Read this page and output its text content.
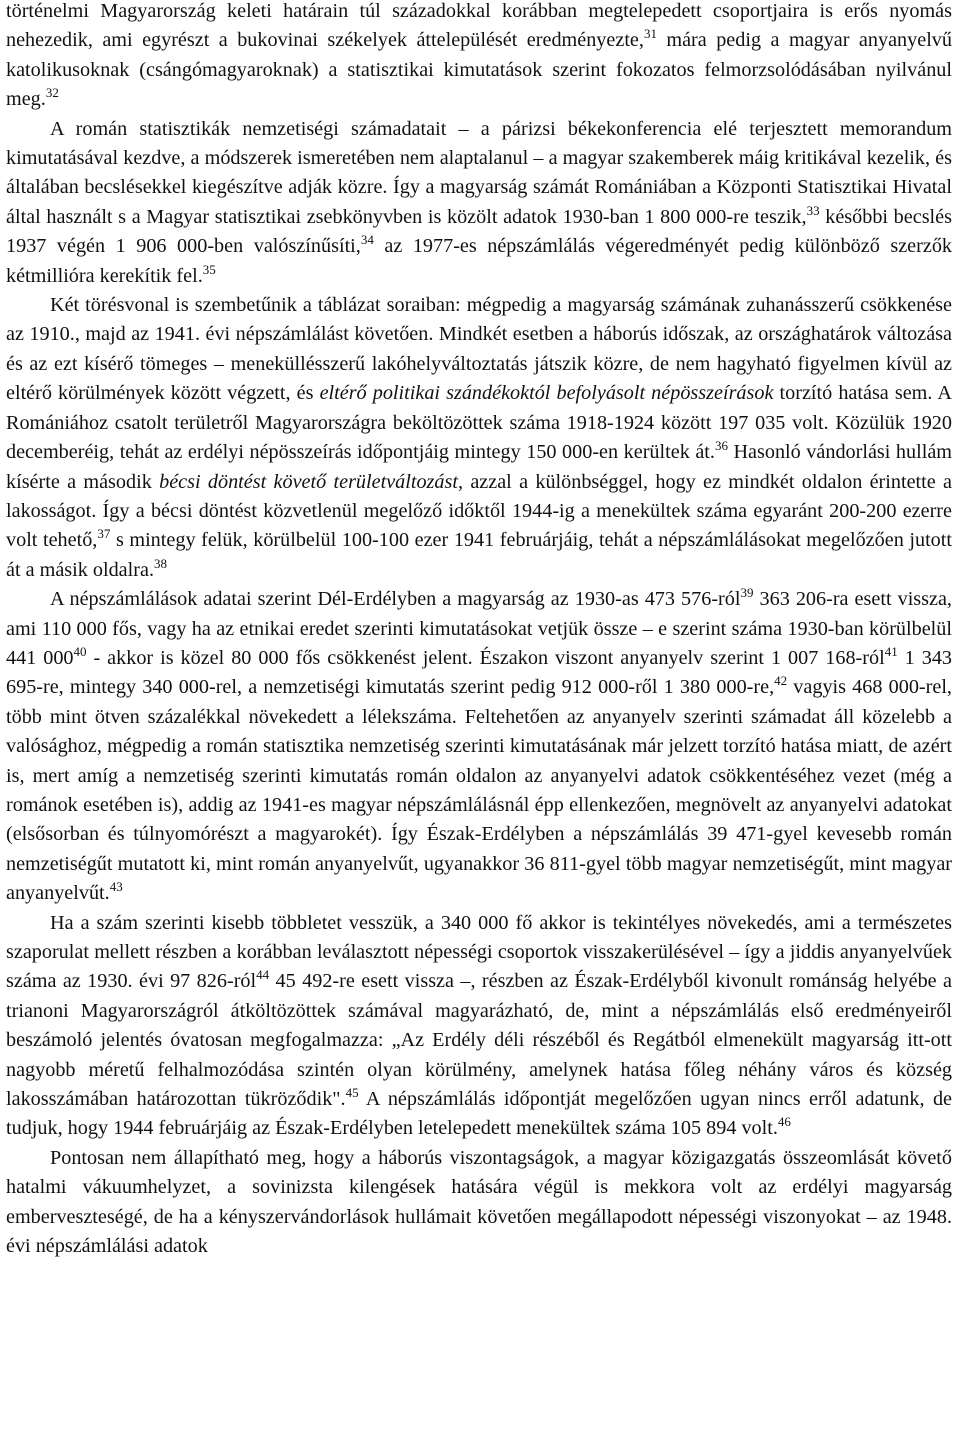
történelmi Magyarország keleti határain túl századokkal korábban megtelepedett csoportjaira is erős nyomás nehezedik, ami egyrészt a bukovinai székelyek áttelepülését eredményezte,$^{31}$ mára pedig a magyar anyanyelvű katolikusoknak (csángómagyaroknak) a statisztikai kimutatások szerint fokozatos felmorzsolódásában nyilvánul meg.$^{32}$

A román statisztikák nemzetiségi számadatait – a párizsi békekonferencia elé terjesztett memorandum kimutatásával kezdve, a módszerek ismeretében nem alaptalanul – a magyar szakemberek máig kritikával kezelik, és általában becslésekkel kiegészítve adják közre. Így a magyarság számát Romániában a Központi Statisztikai Hivatal által használt s a Magyar statisztikai zsebkönyvben is közölt adatok 1930-ban 1 800 000-re teszik,$^{33}$ későbbi becslés 1937 végén 1 906 000-ben valószínűsíti,$^{34}$ az 1977-es népszámlálás végeredményét pedig különböző szerzők kétmillióra kerekítik fel.$^{35}$

Két törésvonal is szembetűnik a táblázat soraiban: mégpedig a magyarság számának zuhanásszerű csökkenése az 1910., majd az 1941. évi népszámlálást követően. Mindkét esetben a háborús időszak, az országhatárok változása és az ezt kísérő tömeges – meneküllésszerű lakóhelyváltoztatás játszik közre, de nem hagyható figyelmen kívül az eltérő körülmények között végzett, és eltérő politikai szándékoktól befolyásolt népösszeírások torzító hatása sem. A Romániához csatolt területről Magyarországra beköltözöttek száma 1918-1924 között 197 035 volt. Közülük 1920 decemberéig, tehát az erdélyi népösszeírás időpontjáig mintegy 150 000-en kerültek át.$^{36}$ Hasonló vándorlási hullám kísérte a második bécsi döntést követő területváltozást, azzal a különbséggel, hogy ez mindkét oldalon érintette a lakosságot. Így a bécsi döntést közvetlenül megelőző időktől 1944-ig a menekültek száma egyaránt 200-200 ezerre volt tehető,$^{37}$ s mintegy felük, körülbelül 100-100 ezer 1941 februárjáig, tehát a népszámlálásokat megelőzően jutott át a másik oldalra.$^{38}$

A népszámlálások adatai szerint Dél-Erdélyben a magyarság az 1930-as 473 576-ról$^{39}$ 363 206-ra esett vissza, ami 110 000 fős, vagy ha az etnikai eredet szerinti kimutatásokat vetjük össze – e szerint száma 1930-ban körülbelül 441 $000^{40}$ - akkor is közel 80 000 fős csökkenést jelent. Északon viszont anyanyelv szerint 1 007 168-ról$^{41}$ 1 343 695-re, mintegy 340 000-rel, a nemzetiségi kimutatás szerint pedig 912 000-ről 1 380 000-re,$^{42}$ vagyis 468 000-rel, több mint ötven százalékkal növekedett a lélekszáma. Feltehetően az anyanyelv szerinti számadat áll közelebb a valósághoz, mégpedig a román statisztika nemzetiség szerinti kimutatásának már jelzett torzító hatása miatt, de azért is, mert amíg a nemzetiség szerinti kimutatás román oldalon az anyanyelvi adatok csökkentéséhez vezet (még a románok esetében is), addig az 1941-es magyar népszámlálásnál épp ellenkezően, megnövelt az anyanyelvi adatokat (elsősorban és túlnyomórészt a magyarokét). Így Észak-Erdélyben a népszámlálás 39 471-gyel kevesebb román nemzetiségűt mutatott ki, mint román anyanyelvűt, ugyanakkor 36 811-gyel több magyar nemzetiségűt, mint magyar anyanyelvűt.$^{43}$

Ha a szám szerinti kisebb többletet vesszük, a 340 000 fő akkor is tekintélyes növekedés, ami a természetes szaporulat mellett részben a korábban leválasztott népességi csoportok visszakerülésével – így a jiddis anyanyelvűek száma az 1930. évi 97 826-ról$^{44}$ 45 492-re esett vissza –, részben az Észak-Erdélyből kivonult románság helyébe a trianoni Magyarországról átköltözöttek számával magyarázható, de, mint a népszámlálás első eredményeiről beszámoló jelentés óvatosan megfogalmazza: „Az Erdély déli részéből és Regátból elmenekült magyarság itt-ott nagyobb méretű felhalmozódása szintén olyan körülmény, amelynek hatása főleg néhány város és község lakosszámában határozottan tükröződik".$^{45}$ A népszámlálás időpontját megelőzően ugyan nincs erről adatunk, de tudjuk, hogy 1944 februárjáig az Észak-Erdélyben letelepedett menekültek száma 105 894 volt.$^{46}$

Pontosan nem állapítható meg, hogy a háborús viszontagságok, a magyar közigazgatás összeomlását követő hatalmi vákuumhelyzet, a sovinizsta kilengések hatására végül is mekkora volt az erdélyi magyarság emberveszteségé, de ha a kényszervándorlások hullámait követően megállapodott népességi viszonyokat – az 1948. évi népszámlálási adatok
